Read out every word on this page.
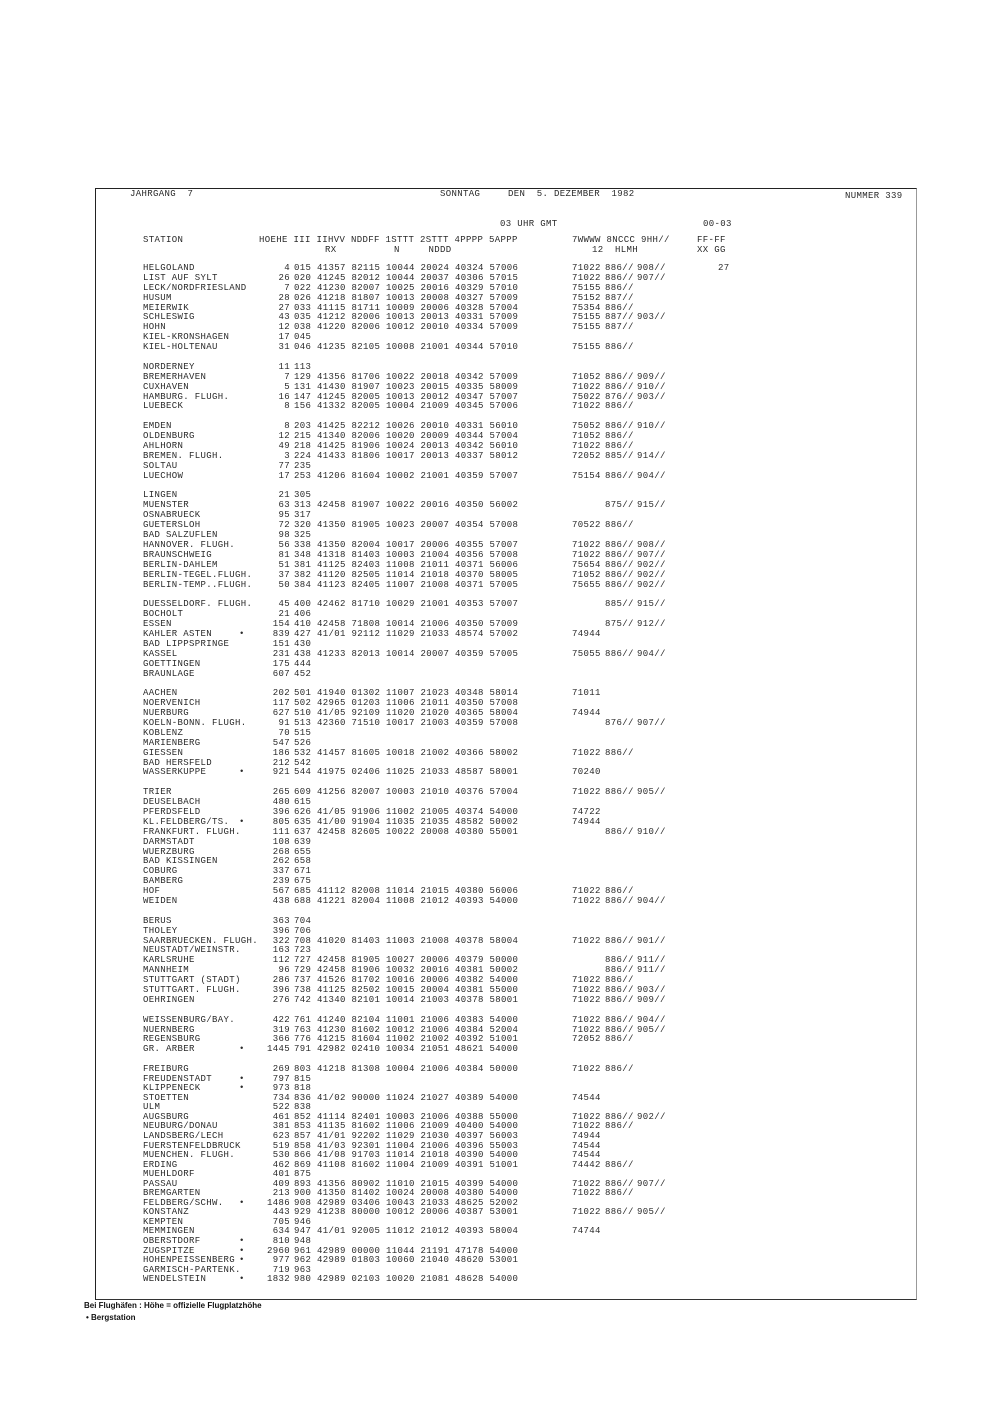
JAHRGANG  7	SONNTAG	DEN  5. DEZEMBER  1982	NUMMER 339
03 UHR GMT	00-03
STATION	HOEHE III IIHVV NDDFF 1STTT 2STTT 4PPPP 5APPP
RX          N     NDDD
7WWWW 8NCCC 9HH//
12  HLMH
FF-FF
XX GG
HELGOLAND	4 015 41357 82115 10044 20024 40324 57006	71022 886// 908//	27
LIST AUF SYLT	26 020 41245 82012 10044 20037 40306 57015	71022 886// 907//
LECK/NORDFRIESLAND	7 022 41230 82007 10025 20016 40329 57010	75155 886//
HUSUM	28 026 41218 81807 10013 20008 40327 57009	75152 887//
MEIERWIK	27 033 41115 81711 10009 20006 40328 57004	75354 886//
SCHLESWIG	43 035 41212 82006 10013 20013 40331 57009	75155 887// 903//
HOHN	12 038 41220 82006 10012 20010 40334 57009	75155 887//
KIEL-KRONSHAGEN	17 045
KIEL-HOLTENAU	31 046 41235 82105 10008 21001 40344 57010	75155 886//
NORDERNEY	11 113
BREMERHAVEN	7 129 41356 81706 10022 20018 40342 57009	71052 886// 909//
CUXHAVEN	5 131 41430 81907 10023 20015 40335 58009	71022 886// 910//
HAMBURG. FLUGH.	16 147 41245 82005 10013 20012 40347 57007	75022 876// 903//
LUEBECK	8 156 41332 82005 10004 21009 40345 57006	71022 886//
EMDEN	8 203 41425 82212 10026 20010 40331 56010	75052 886// 910//
OLDENBURG	12 215 41340 82006 10020 20009 40344 57004	71052 886//
AHLHORN	49 218 41425 81906 10024 20013 40342 56010	71022 886//
BREMEN. FLUGH.	3 224 41433 81806 10017 20013 40337 58012	72052 885// 914//
SOLTAU	77 235
LUECHOW	17 253 41206 81604 10002 21001 40359 57007	75154 886// 904//
LINGEN	21 305
MUENSTER	63 313 42458 81907 10022 20016 40350 56002	875// 915//
OSNABRUECK	95 317
GUETERSLOH	72 320 41350 81905 10023 20007 40354 57008	70522 886//
BAD SALZUFLEN	98 325
HANNOVER. FLUGH.	56 338 41350 82004 10017 20006 40355 57007	71022 886// 908//
BRAUNSCHWEIG	81 348 41318 81403 10003 21004 40356 57008	71022 886// 907//
BERLIN-DAHLEM	51 381 41125 82403 11008 21011 40371 56006	75654 886// 902//
BERLIN-TEGEL.FLUGH.	37 382 41120 82505 11014 21018 40370 58005	71052 886// 902//
BERLIN-TEMP..FLUGH.	50 384 41123 82405 11007 21008 40371 57005	75655 886// 902//
DUESSELDORF. FLUGH.	45 400 42462 81710 10029 21001 40353 57007	885// 915//
BOCHOLT	21 406
ESSEN	154 410 42458 71808 10014 21006 40350 57009	875// 912//
KAHLER ASTEN	•	839 427 41/01 92112 11029 21033 48574 57002	74944
BAD LIPPSPRINGE	151 430
KASSEL	231 438 41233 82013 10014 20007 40359 57005	75055 886// 904//
GOETTINGEN	175 444
BRAUNLAGE	607 452
AACHEN	202 501 41940 01302 11007 21023 40348 58014	71011
NOERVENICH	117 502 42965 01203 11006 21011 40350 57008
NUERBURG	627 510 41/05 92109 11020 21020 40365 58004	74944
KOELN-BONN. FLUGH.	91 513 42360 71510 10017 21003 40359 57008	876// 907//
KOBLENZ	70 515
MARIENBERG	547 526
GIESSEN	186 532 41457 81605 10018 21002 40366 58002	71022 886//
BAD HERSFELD	212 542
WASSERKUPPE	•	921 544 41975 02406 11025 21033 48587 58001	70240
TRIER	265 609 41256 82007 10003 21010 40376 57004	71022 886// 905//
DEUSELBACH	480 615
PFERDSFELD	396 626 41/05 91906 11002 21005 40374 54000	74722
KL.FELDBERG/TS. •	805 635 41/00 91904 11035 21035 48582 50002	74944
FRANKFURT. FLUGH.	111 637 42458 82605 10022 20008 40380 55001	886// 910//
DARMSTADT	108 639
WUERZBURG	268 655
BAD KISSINGEN	262 658
COBURG	337 671
BAMBERG	239 675
HOF	567 685 41112 82008 11014 21015 40380 56006	71022 886//
WEIDEN	438 688 41221 82004 11008 21012 40393 54000	71022 886// 904//
BERUS	363 704
THOLEY	396 706
SAARBRUECKEN. FLUGH. 322 708 41020 81403 11003 21008 40378 58004	71022 886// 901//
NEUSTADT/WEINSTR.	163 723
KARLSRUHE	112 727 42458 81905 10027 20006 40379 50000	886// 911//
MANNHEIM	96 729 42458 81906 10032 20016 40381 50002	886// 911//
STUTTGART (STADT)	286 737 41526 81702 10016 20006 40382 54000	71022 886//
STUTTGART. FLUGH.	396 738 41125 82502 10015 20004 40381 55000	71022 886// 903//
OEHRINGEN	276 742 41340 82101 10014 21003 40378 58001	71022 886// 909//
WEISSENBURG/BAY.	422 761 41240 82104 11001 21006 40383 54000	71022 886// 904//
NUERNBERG	319 763 41230 81602 10012 21006 40384 52004	71022 886// 905//
REGENSBURG	366 776 41215 81604 11002 21002 40392 51001	72052 886//
GR. ARBER	• 1445 791 42982 02410 10034 21051 48621 54000
FREIBURG	269 803 41218 81308 10004 21006 40384 50000	71022 886//
FREUDENSTADT	•	797 815
KLIPPENECK	•	973 818
STOETTEN	734 836 41/02 90000 11024 21027 40389 54000	74544
ULM	522 838
AUGSBURG	461 852 41114 82401 10003 21006 40388 55000	71022 886// 902//
NEUBURG/DONAU	381 853 41135 81602 11006 21009 40400 54000	71022 886//
LANDSBERG/LECH	623 857 41/01 92202 11029 21030 40397 56003	74944
FUERSTENFELDBRUCK	519 858 41/03 92301 11004 21006 40396 55003	74544
MUENCHEN. FLUGH.	530 866 41/08 91703 11014 21018 40390 54000	74544
ERDING	462 869 41108 81602 11004 21009 40391 51001	74442 886//
MUEHLDORF	401 875
PASSAU	409 893 41356 80902 11010 21015 40399 54000	71022 886// 907//
BREMGARTEN	213 900 41350 81402 10024 20008 40380 54000	71022 886//
FELDBERG/SCHW. • 1486 908 42989 03406 10043 21033 48625 52002
KONSTANZ	443 929 41238 80000 10012 20006 40387 53001	71022 886// 905//
KEMPTEN	705 946
MEMMINGEN	634 947 41/01 92005 11012 21012 40393 58004	74744
OBERSTDORF	•	810 948
ZUGSPITZE	• 2960 961 42989 00000 11044 21191 47178 54000
HOHENPEISSENBERG •	977 962 42989 01803 10060 21040 48620 53001
GARMISCH-PARTENK.	719 963
WENDELSTEIN	• 1832 980 42989 02103 10020 21081 48628 54000
Bei Flughäfen : Höhe = offizielle Flugplatzhöhe
• Bergstation
